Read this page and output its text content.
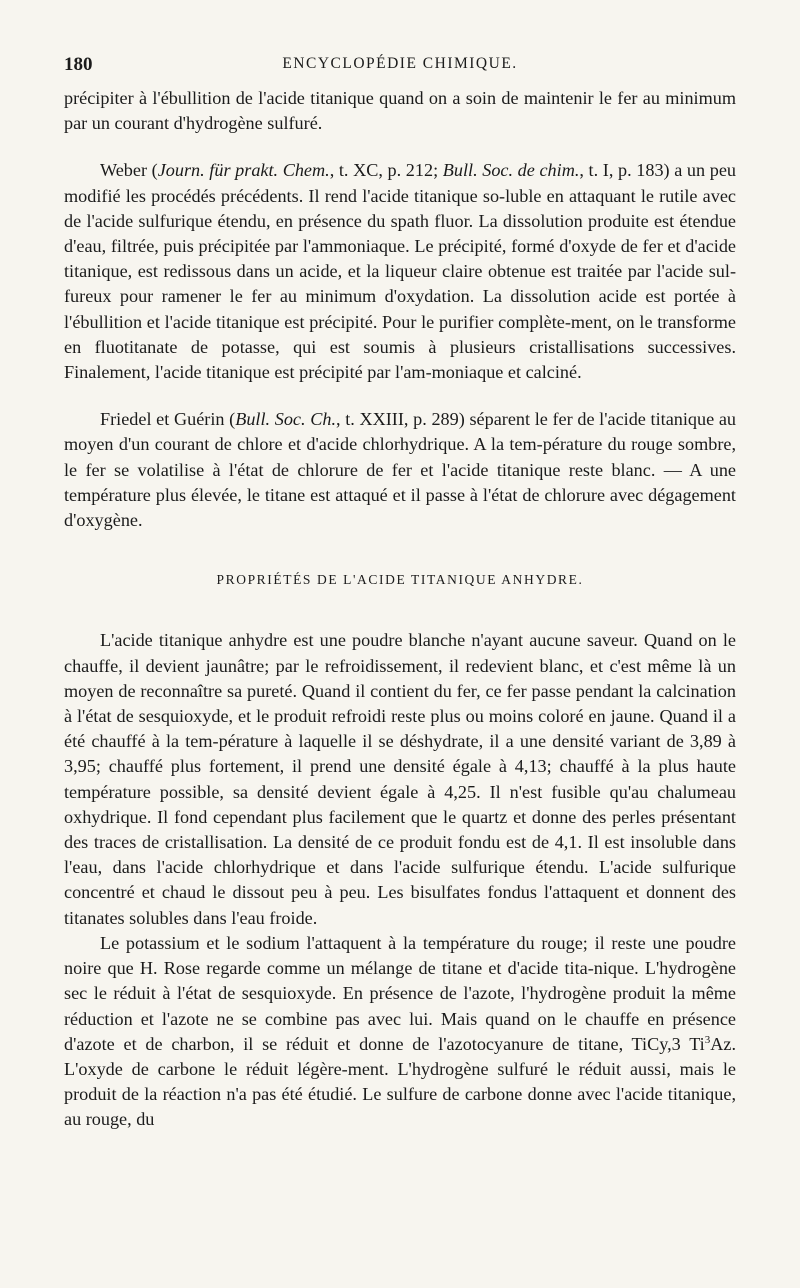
180	ENCYCLOPÉDIE CHIMIQUE.

précipiter à l'ébullition de l'acide titanique quand on a soin de maintenir le fer au minimum par un courant d'hydrogène sulfuré.

Weber (Journ. für prakt. Chem., t. XC, p. 212; Bull. Soc. de chim., t. I, p. 183) a un peu modifié les procédés précédents. Il rend l'acide titanique so-luble en attaquant le rutile avec de l'acide sulfurique étendu, en présence du spath fluor. La dissolution produite est étendue d'eau, filtrée, puis précipitée par l'ammoniaque. Le précipité, formé d'oxyde de fer et d'acide titanique, est redissous dans un acide, et la liqueur claire obtenue est traitée par l'acide sul-fureux pour ramener le fer au minimum d'oxydation. La dissolution acide est portée à l'ébullition et l'acide titanique est précipité. Pour le purifier complète-ment, on le transforme en fluotitanate de potasse, qui est soumis à plusieurs cristallisations successives. Finalement, l'acide titanique est précipité par l'am-moniaque et calciné.

Friedel et Guérin (Bull. Soc. Ch., t. XXIII, p. 289) séparent le fer de l'acide titanique au moyen d'un courant de chlore et d'acide chlorhydrique. A la tem-pérature du rouge sombre, le fer se volatilise à l'état de chlorure de fer et l'acide titanique reste blanc. — A une température plus élevée, le titane est attaqué et il passe à l'état de chlorure avec dégagement d'oxygène.

PROPRIÉTÉS DE L'ACIDE TITANIQUE ANHYDRE.

L'acide titanique anhydre est une poudre blanche n'ayant aucune saveur. Quand on le chauffe, il devient jaunâtre; par le refroidissement, il redevient blanc, et c'est même là un moyen de reconnaître sa pureté. Quand il contient du fer, ce fer passe pendant la calcination à l'état de sesquioxyde, et le produit refroidi reste plus ou moins coloré en jaune. Quand il a été chauffé à la tem-pérature à laquelle il se déshydrate, il a une densité variant de 3,89 à 3,95; chauffé plus fortement, il prend une densité égale à 4,13; chauffé à la plus haute température possible, sa densité devient égale à 4,25. Il n'est fusible qu'au chalumeau oxhydrique. Il fond cependant plus facilement que le quartz et donne des perles présentant des traces de cristallisation. La densité de ce produit fondu est de 4,1. Il est insoluble dans l'eau, dans l'acide chlorhydrique et dans l'acide sulfurique étendu. L'acide sulfurique concentré et chaud le dissout peu à peu. Les bisulfates fondus l'attaquent et donnent des titanates solubles dans l'eau froide.

Le potassium et le sodium l'attaquent à la température du rouge; il reste une poudre noire que H. Rose regarde comme un mélange de titane et d'acide tita-nique. L'hydrogène sec le réduit à l'état de sesquioxyde. En présence de l'azote, l'hydrogène produit la même réduction et l'azote ne se combine pas avec lui. Mais quand on le chauffe en présence d'azote et de charbon, il se réduit et donne de l'azotocyanure de titane, TiCy,3 Ti$^3$Az. L'oxyde de carbone le réduit légère-ment. L'hydrogène sulfuré le réduit aussi, mais le produit de la réaction n'a pas été étudié. Le sulfure de carbone donne avec l'acide titanique, au rouge, du
